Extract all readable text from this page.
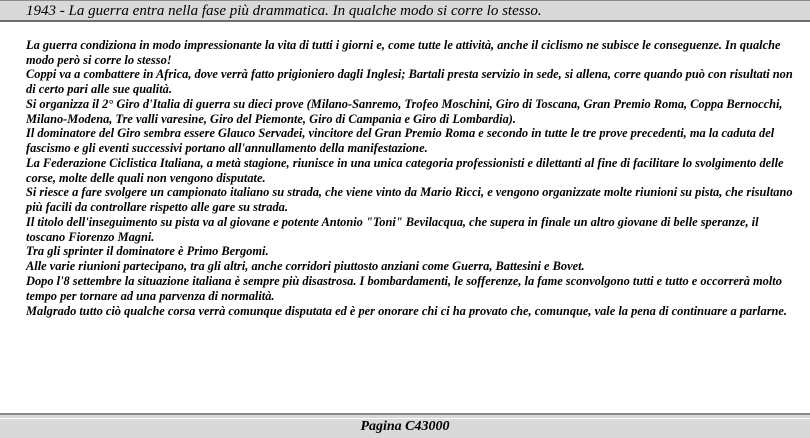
1943 - La guerra entra nella fase più drammatica. In qualche modo si corre lo stesso.

La guerra condiziona in modo impressionante la vita di tutti i giorni e, come tutte le attività, anche il ciclismo ne subisce le conseguenze. In qualche modo però si corre lo stesso!

Coppi va a combattere in Africa, dove verrà fatto prigioniero dagli Inglesi; Bartali presta servizio in sede, si allena, corre quando può con risultati non di certo pari alle sue qualità.

Si organizza il 2° Giro d'Italia di guerra su dieci prove (Milano-Sanremo, Trofeo Moschini, Giro di Toscana, Gran Premio Roma, Coppa Bernocchi, Milano-Modena, Tre valli varesine, Giro del Piemonte, Giro di Campania e Giro di Lombardia).

Il dominatore del Giro sembra essere Glauco Servadei, vincitore del Gran Premio Roma e secondo in tutte le tre prove precedenti, ma la caduta del fascismo e gli eventi successivi portano all'annullamento della manifestazione.

La Federazione Ciclistica Italiana, a metà stagione, riunisce in una unica categoria professionisti e dilettanti al fine di facilitare lo svolgimento delle corse, molte delle quali non vengono disputate.

Si riesce a fare svolgere un campionato italiano su strada, che viene vinto da Mario Ricci, e vengono organizzate molte riunioni su pista, che risultano più facili da controllare rispetto alle gare su strada.

Il titolo dell'inseguimento su pista va al giovane e potente Antonio "Toni" Bevilacqua, che supera in finale un altro giovane di belle speranze, il toscano Fiorenzo Magni.

Tra gli sprinter il dominatore è Primo Bergomi.

Alle varie riunioni partecipano, tra gli altri, anche corridori piuttosto anziani come Guerra, Battesini e Bovet.

Dopo l'8 settembre la situazione italiana è sempre più disastrosa. I bombardamenti, le sofferenze, la fame sconvolgono tutti e tutto e occorrerà molto tempo per tornare ad una parvenza di normalità.

Malgrado tutto ciò qualche corsa verrà comunque disputata ed è per onorare chi ci ha provato che, comunque, vale la pena di continuare a parlarne.

Pagina C43000
